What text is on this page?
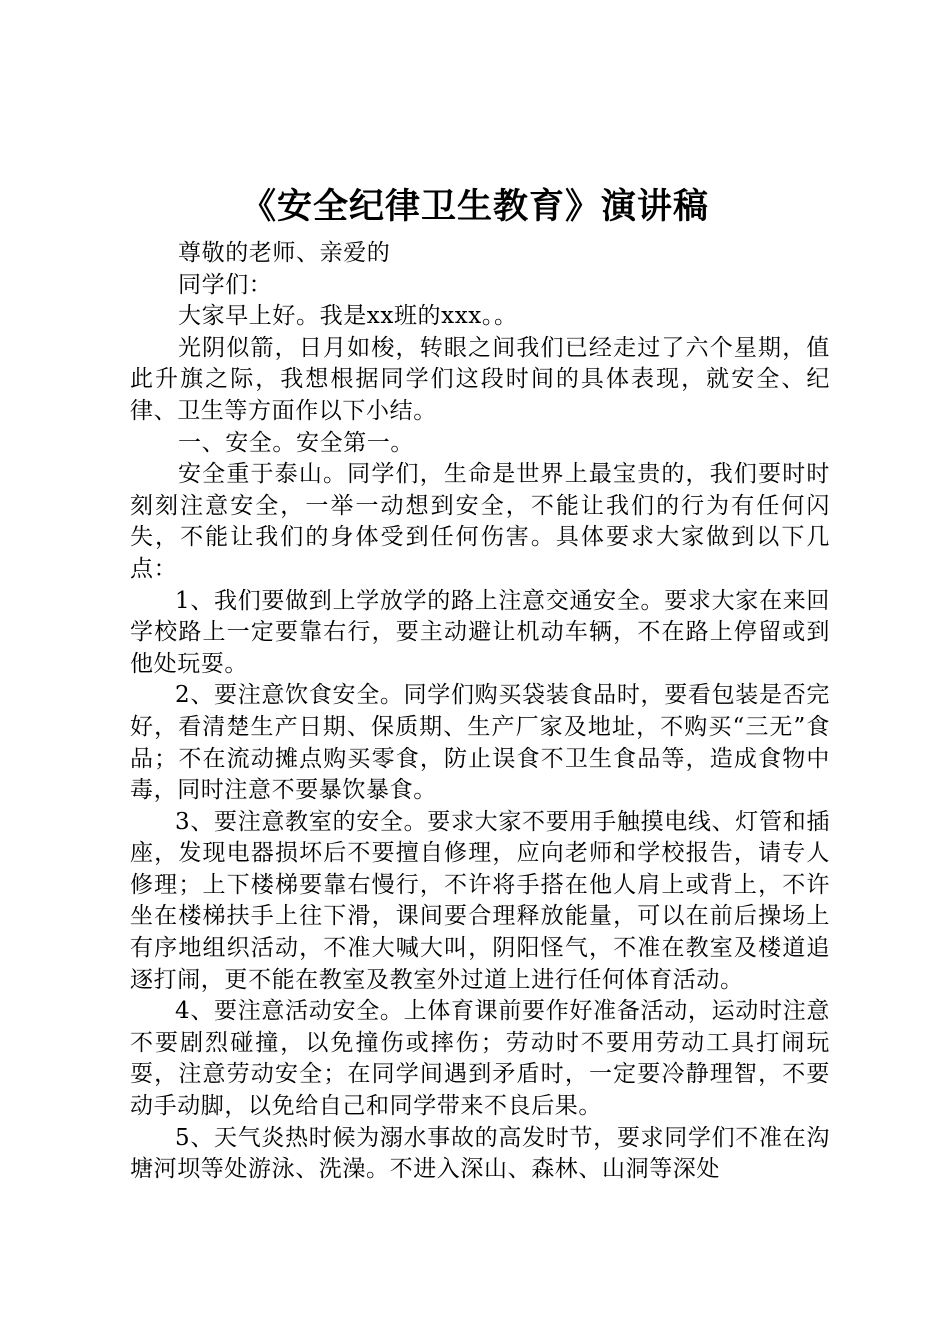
《安全纪律卫生教育》演讲稿

尊敬的老师、亲爱的

同学们：

大家早上好。我是xx班的xxx。。

光阴似箭，日月如梭，转眼之间我们已经走过了六个星期，值此升旗之际，我想根据同学们这段时间的具体表现，就安全、纪律、卫生等方面作以下小结。

一、安全。安全第一。

安全重于泰山。同学们，生命是世界上最宝贵的，我们要时时刻刻注意安全，一举一动想到安全，不能让我们的行为有任何闪失，不能让我们的身体受到任何伤害。具体要求大家做到以下几点：

1、我们要做到上学放学的路上注意交通安全。要求大家在来回学校路上一定要靠右行，要主动避让机动车辆，不在路上停留或到他处玩耍。

2、要注意饮食安全。同学们购买袋装食品时，要看包装是否完好，看清楚生产日期、保质期、生产厂家及地址，不购买“三无”食品；不在流动摊点购买零食，防止误食不卫生食品等，造成食物中毒，同时注意不要暴饮暴食。

3、要注意教室的安全。要求大家不要用手触摸电线、灯管和插座，发现电器损坏后不要擅自修理，应向老师和学校报告，请专人修理；上下楼梯要靠右慢行，不许将手搭在他人肩上或背上，不许坐在楼梯扶手上往下滑，课间要合理释放能量，可以在前后操场上有序地组织活动，不准大喊大叫，阴阳怪气，不准在教室及楼道追逐打闹，更不能在教室及教室外过道上进行任何体育活动。

4、要注意活动安全。上体育课前要作好准备活动，运动时注意不要剧烈碰撞，以免撞伤或摔伤；劳动时不要用劳动工具打闹玩耍，注意劳动安全；在同学间遇到矛盾时，一定要冷静理智，不要动手动脚，以免给自己和同学带来不良后果。

5、天气炎热时候为溺水事故的高发时节，要求同学们不准在沟塘河坝等处游泳、洗澡。不进入深山、森林、山洞等深处
